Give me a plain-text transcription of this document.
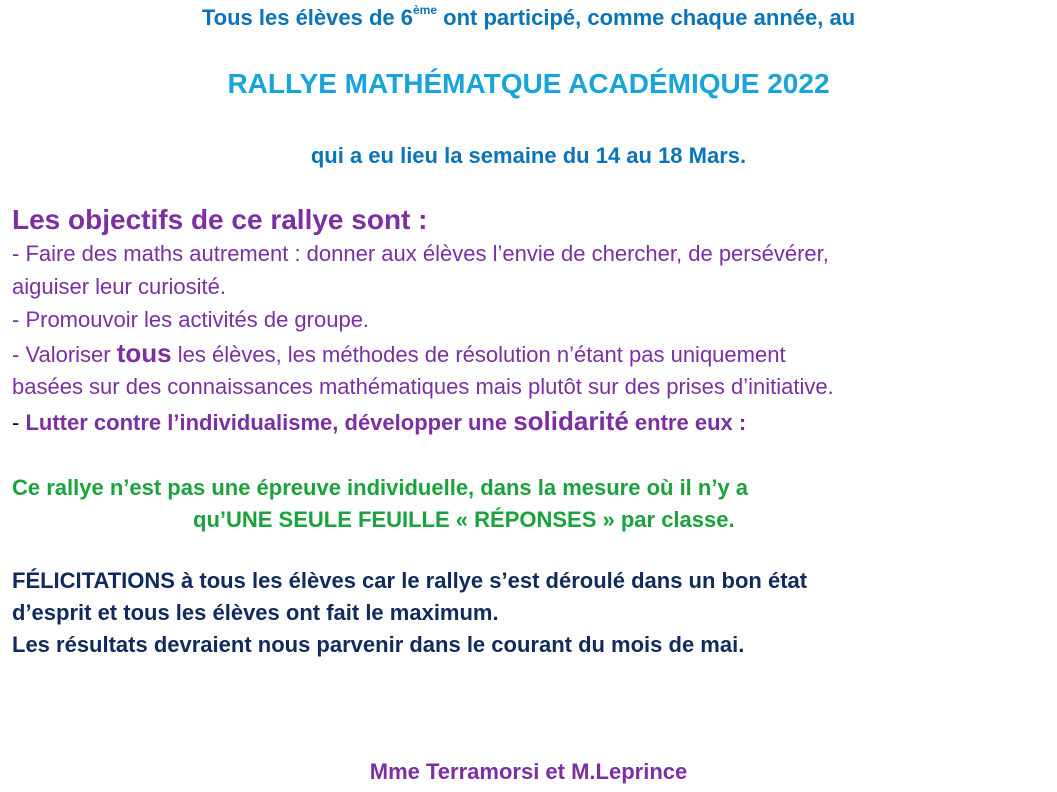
Tous les élèves de 6ème ont participé, comme chaque année, au
RALLYE MATHÉMATQUE ACADÉMIQUE 2022
qui a eu lieu la semaine du 14 au 18 Mars.
Les objectifs de ce rallye sont :
- Faire des maths autrement : donner aux élèves l’envie de chercher, de persévérer,
aiguiser leur curiosité.
- Promouvoir les activités de groupe.
- Valoriser tous les élèves, les méthodes de résolution n’étant pas uniquement
basées sur des connaissances mathématiques mais plutôt sur des prises d’initiative.
- Lutter contre l’individualisme, développer une solidarité entre eux :
Ce rallye n’est pas une épreuve individuelle, dans la mesure où il n’y a
qu’UNE SEULE FEUILLE « RÉPONSES » par classe.
FÉLICITATIONS à tous les élèves car le rallye s’est déroulé dans un bon état
d’esprit et tous les élèves ont fait le maximum.
Les résultats devraient nous parvenir dans le courant du mois de mai.
Mme Terramorsi et M.Leprince
